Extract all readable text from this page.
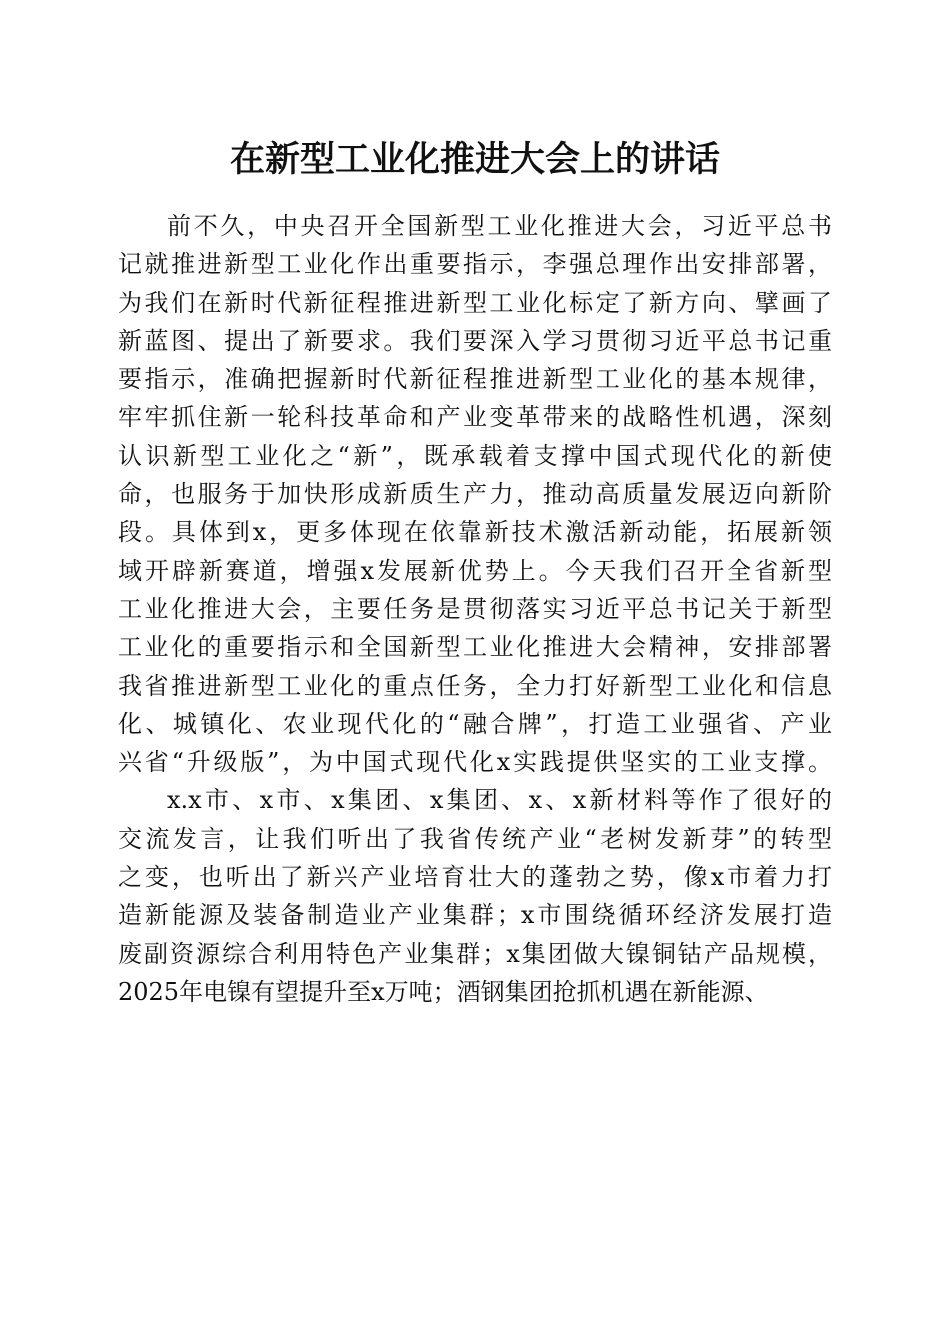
在新型工业化推进大会上的讲话
前不久，中央召开全国新型工业化推进大会，习近平总书
记就推进新型工业化作出重要指示，李强总理作出安排部署，
为我们在新时代新征程推进新型工业化标定了新方向、擘画了
新蓝图、提出了新要求。我们要深入学习贯彻习近平总书记重
要指示，准确把握新时代新征程推进新型工业化的基本规律，
牢牢抓住新一轮科技革命和产业变革带来的战略性机遇，深刻
认识新型工业化之“新”，既承载着支撑中国式现代化的新使
命，也服务于加快形成新质生产力，推动高质量发展迈向新阶
段。具体到x，更多体现在依靠新技术激活新动能，拓展新领
域开辟新赛道，增强x发展新优势上。今天我们召开全省新型
工业化推进大会，主要任务是贯彻落实习近平总书记关于新型
工业化的重要指示和全国新型工业化推进大会精神，安排部署
我省推进新型工业化的重点任务，全力打好新型工业化和信息
化、城镇化、农业现代化的“融合牌”，打造工业强省、产业
兴省“升级版”，为中国式现代化x实践提供坚实的工业支撑。
x.x市、x市、x集团、x集团、x、x新材料等作了很好的
交流发言，让我们听出了我省传统产业“老树发新芽”的转型
之变，也听出了新兴产业培育壮大的蓬勃之势，像x市着力打
造新能源及装备制造业产业集群；x市围绕循环经济发展打造
废副资源综合利用特色产业集群；x集团做大镍铜钴产品规模，
2025年电镍有望提升至x万吨；酒钢集团抢抓机遇在新能源、
